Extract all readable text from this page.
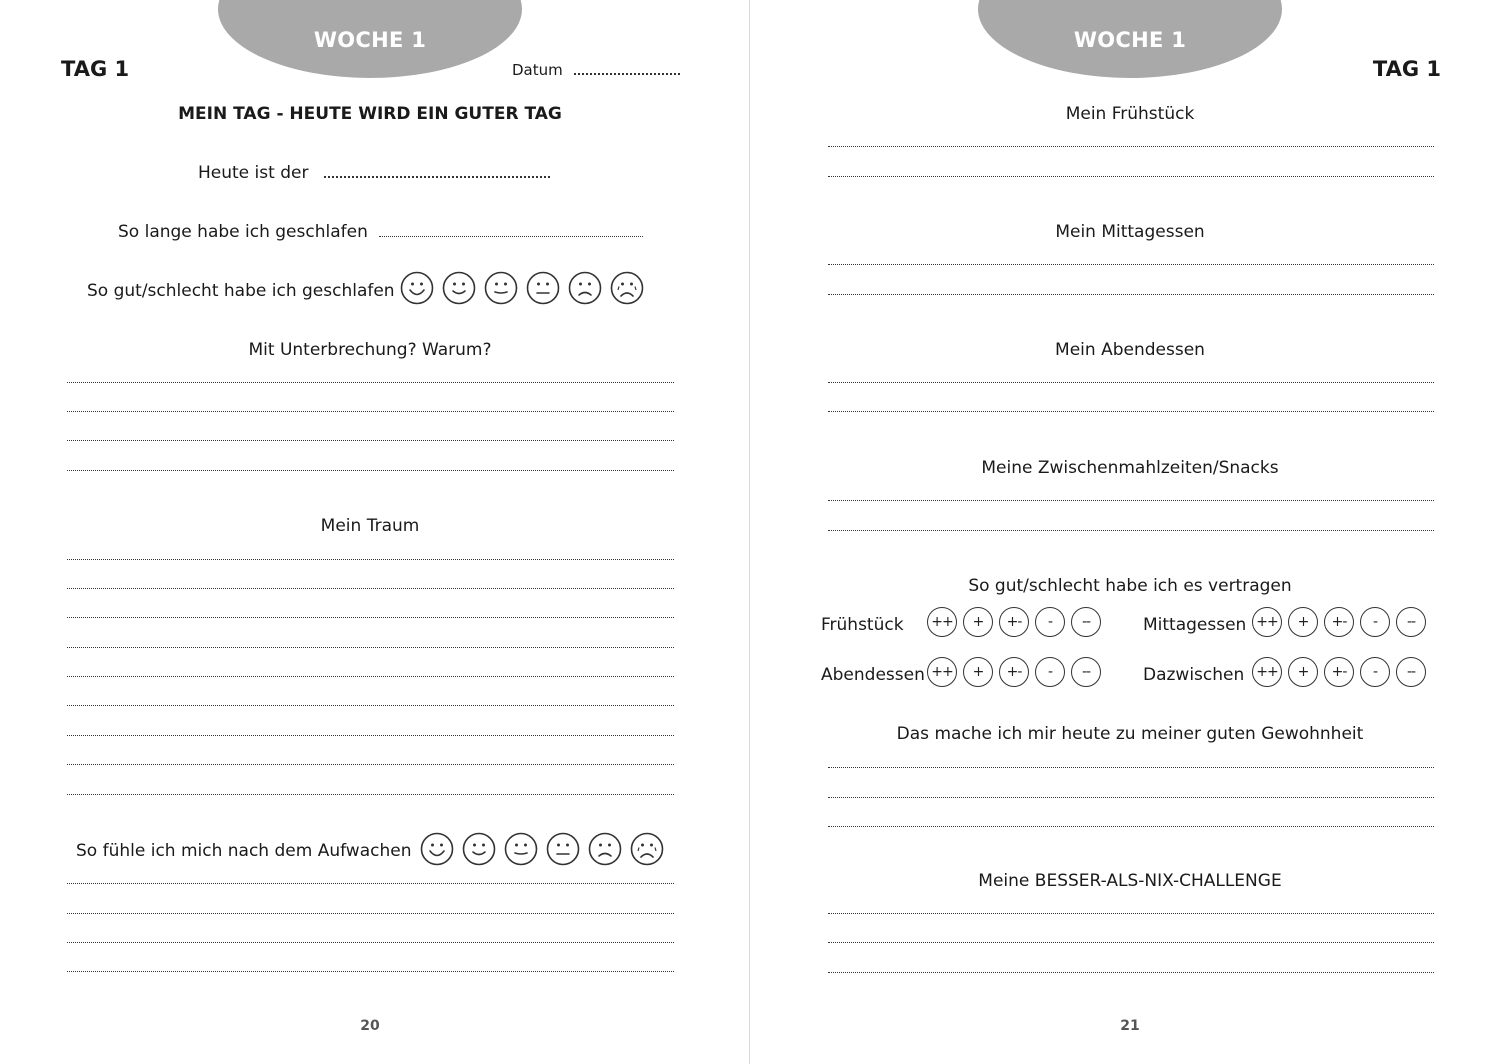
WOCHE 1
TAG 1	Datum
MEIN TAG - HEUTE WIRD EIN GUTER TAG
Heute ist der
So lange habe ich geschlafen
So gut/schlecht habe ich geschlafen
Mit Unterbrechung? Warum?
Mein Traum
So fühle ich mich nach dem Aufwachen
20
WOCHE 1
TAG 1
Mein Frühstück
Mein Mittagessen
Mein Abendessen
Meine Zwischenmahlzeiten/Snacks
So gut/schlecht habe ich es vertragen
Frühstück	++	+	+-	-	--	Mittagessen ++	+	+-	-	--
Abendessen ++	+	+-	-	--	Dazwischen ++	+	+-	-	--
Das mache ich mir heute zu meiner guten Gewohnheit
Meine BESSER-ALS-NIX-CHALLENGE
21
